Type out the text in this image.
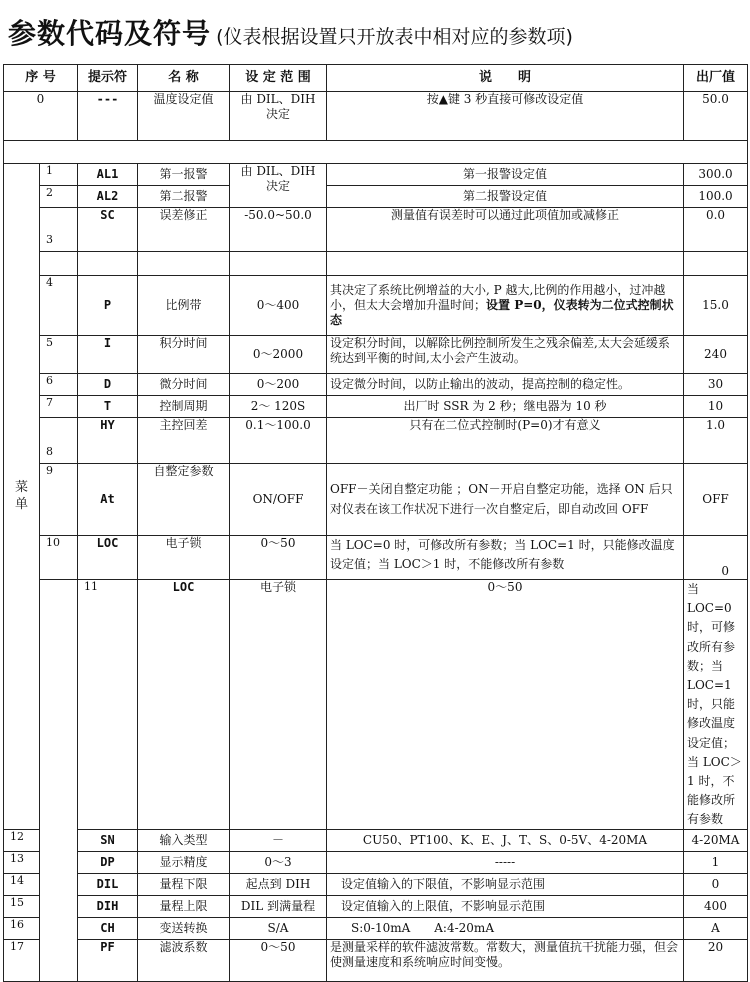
参数代码及符号 (仪表根据设置只开放表中相对应的参数项)
序 号		提示符	名 称	设 定 范 围	说　　明	出厂值	
0		---	温度设定值	由 DIL、DIH 决定	按▲键 3 秒直接可修改设定值	50.0	

菜
单	1	AL1	第一报警	由 DIL、DIH 决定	第一报警设定值	300.0	
	2	AL2	第二报警		第二报警设定值	100.0	
	3	SC	误差修正	-50.0~50.0	测量值有误差时可以通过此项值加或减修正	0.0	

	4	P	比例带	0～400	其决定了系统比例增益的大小, P 越大,比例的作用越小，过冲越小，但太大会增加升温时间；设置 P=0，仪表转为二位式控制状态	15.0	
	5	I	积分时间	0～2000	设定积分时间，以解除比例控制所发生之残余偏差,太大会延缓系统达到平衡的时间,太小会产生波动。	240	
	6	D	微分时间	0～200	设定微分时间，以防止输出的波动，提高控制的稳定性。	30	
	7	T	控制周期	2～ 120S	出厂时 SSR 为 2 秒；继电器为 10 秒	10	
	8	HY	主控回差	0.1～100.0	只有在二位式控制时(P=0)才有意义	1.0	
	9	At	自整定参数	ON/OFF	OFF－关闭自整定功能 ；ON－开启自整定功能，选择 ON 后只对仪表在该工作状况下进行一次自整定后，即自动改回 OFF	OFF	
	10	LOC	电子锁	0～50	当 LOC=0 时，可修改所有参数；当 LOC=1 时，只能修改温度设定值；当 LOC＞1 时，不能修改所有参数	0	
		11	LOC	电子锁	0～50	当 LOC=0 时，可修改所有参数；当 LOC=1 时，只能修改温度设定值；当 LOC＞1 时，不能修改所有参数	
12		SN	输入类型	－	CU50、PT100、K、E、J、T、S、0-5V、4-20MA	4-20MA	
13		DP	显示精度	0～3	-----	1	
14		DIL	量程下限	起点到 DIH	设定值输入的下限值，不影响显示范围	0	
15		DIH	量程上限	DIL 到满量程	设定值输入的上限值，不影响显示范围	400	
16		CH	变送转换	S/A	S:0-10mA　　A:4-20mA	A	
17		PF	滤波系数	0～50	是测量采样的软件滤波常数。常数大，测量值抗干扰能力强，但会使测量速度和系统响应时间变慢。	20	
